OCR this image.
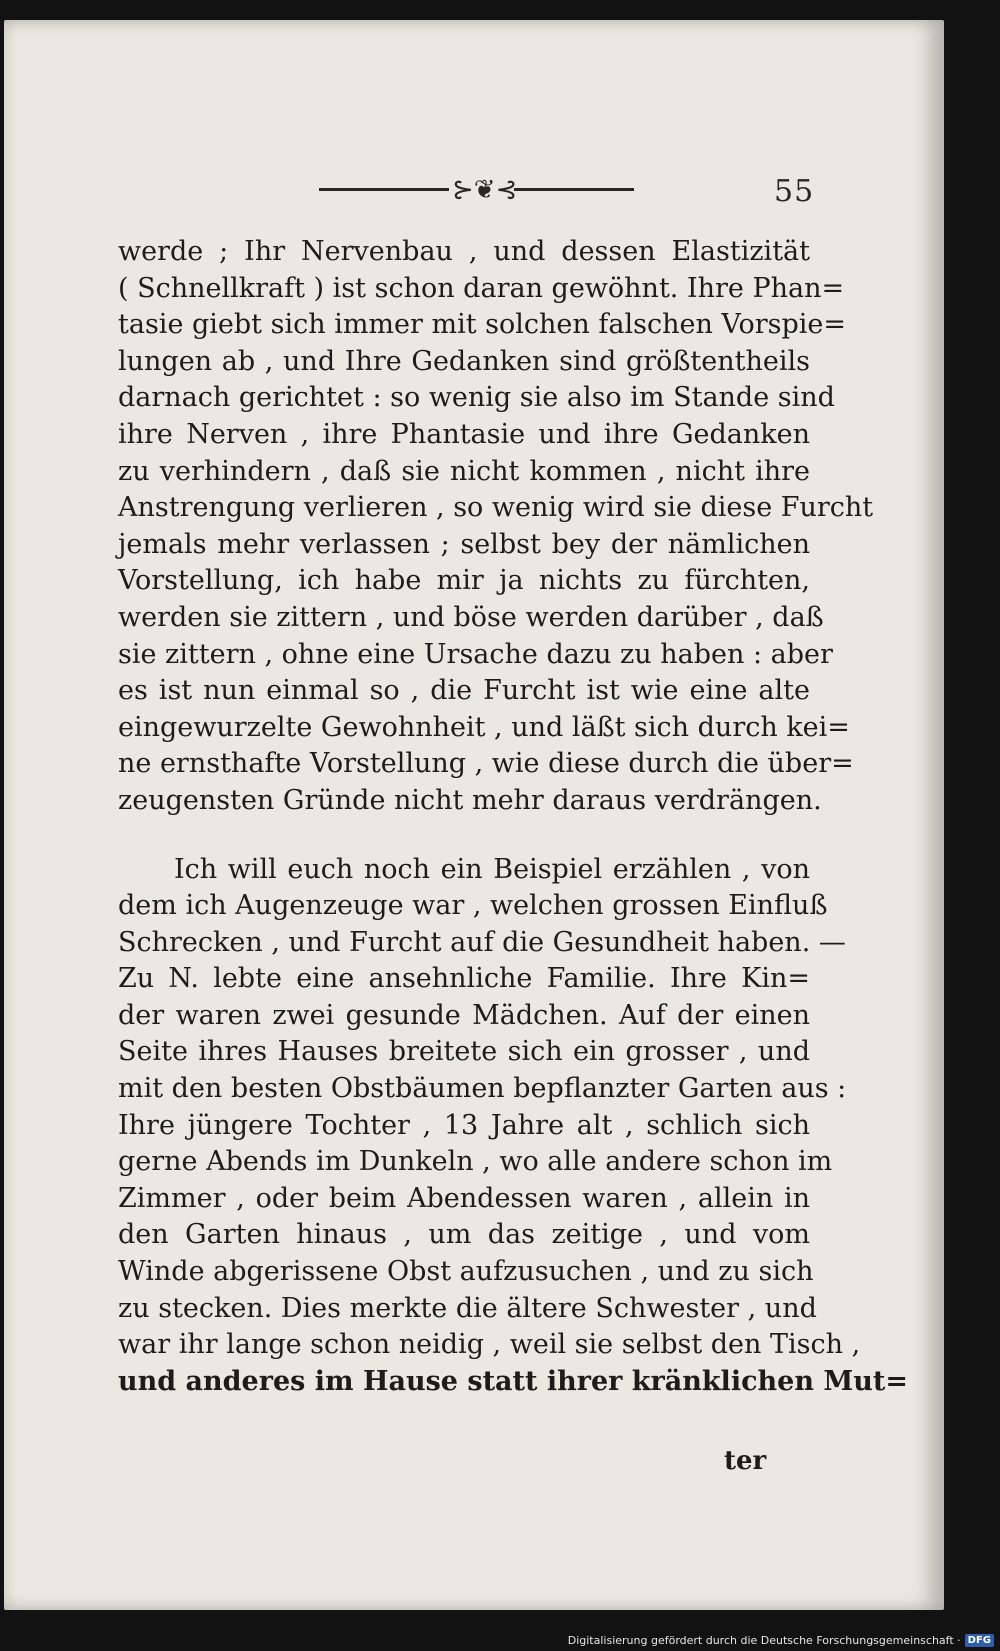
⊱❦⊰	55
werde ; Ihr Nervenbau , und dessen Elastizität
( Schnellkraft ) ist schon daran gewöhnt. Ihre Phan=
tasie giebt sich immer mit solchen falschen Vorspie=
lungen ab , und Ihre Gedanken sind größtentheils
darnach gerichtet : so wenig sie also im Stande sind
ihre Nerven , ihre Phantasie und ihre Gedanken
zu verhindern , daß sie nicht kommen , nicht ihre
Anstrengung verlieren , so wenig wird sie diese Furcht
jemals mehr verlassen ; selbst bey der nämlichen
Vorstellung, ich habe mir ja nichts zu fürchten,
werden sie zittern , und böse werden darüber , daß
sie zittern , ohne eine Ursache dazu zu haben : aber
es ist nun einmal so , die Furcht ist wie eine alte
eingewurzelte Gewohnheit , und läßt sich durch kei=
ne ernsthafte Vorstellung , wie diese durch die über=
zeugensten Gründe nicht mehr daraus verdrängen.
Ich will euch noch ein Beispiel erzählen , von
dem ich Augenzeuge war , welchen grossen Einfluß
Schrecken , und Furcht auf die Gesundheit haben. —
Zu N. lebte eine ansehnliche Familie. Ihre Kin=
der waren zwei gesunde Mädchen. Auf der einen
Seite ihres Hauses breitete sich ein grosser , und
mit den besten Obstbäumen bepflanzter Garten aus :
Ihre jüngere Tochter , 13 Jahre alt , schlich sich
gerne Abends im Dunkeln , wo alle andere schon im
Zimmer , oder beim Abendessen waren , allein in
den Garten hinaus , um das zeitige , und vom
Winde abgerissene Obst aufzusuchen , und zu sich
zu stecken. Dies merkte die ältere Schwester , und
war ihr lange schon neidig , weil sie selbst den Tisch ,
und anderes im Hause statt ihrer kränklichen Mut=
ter
Digitalisierung gefördert durch die Deutsche Forschungsgemeinschaft · DFG
